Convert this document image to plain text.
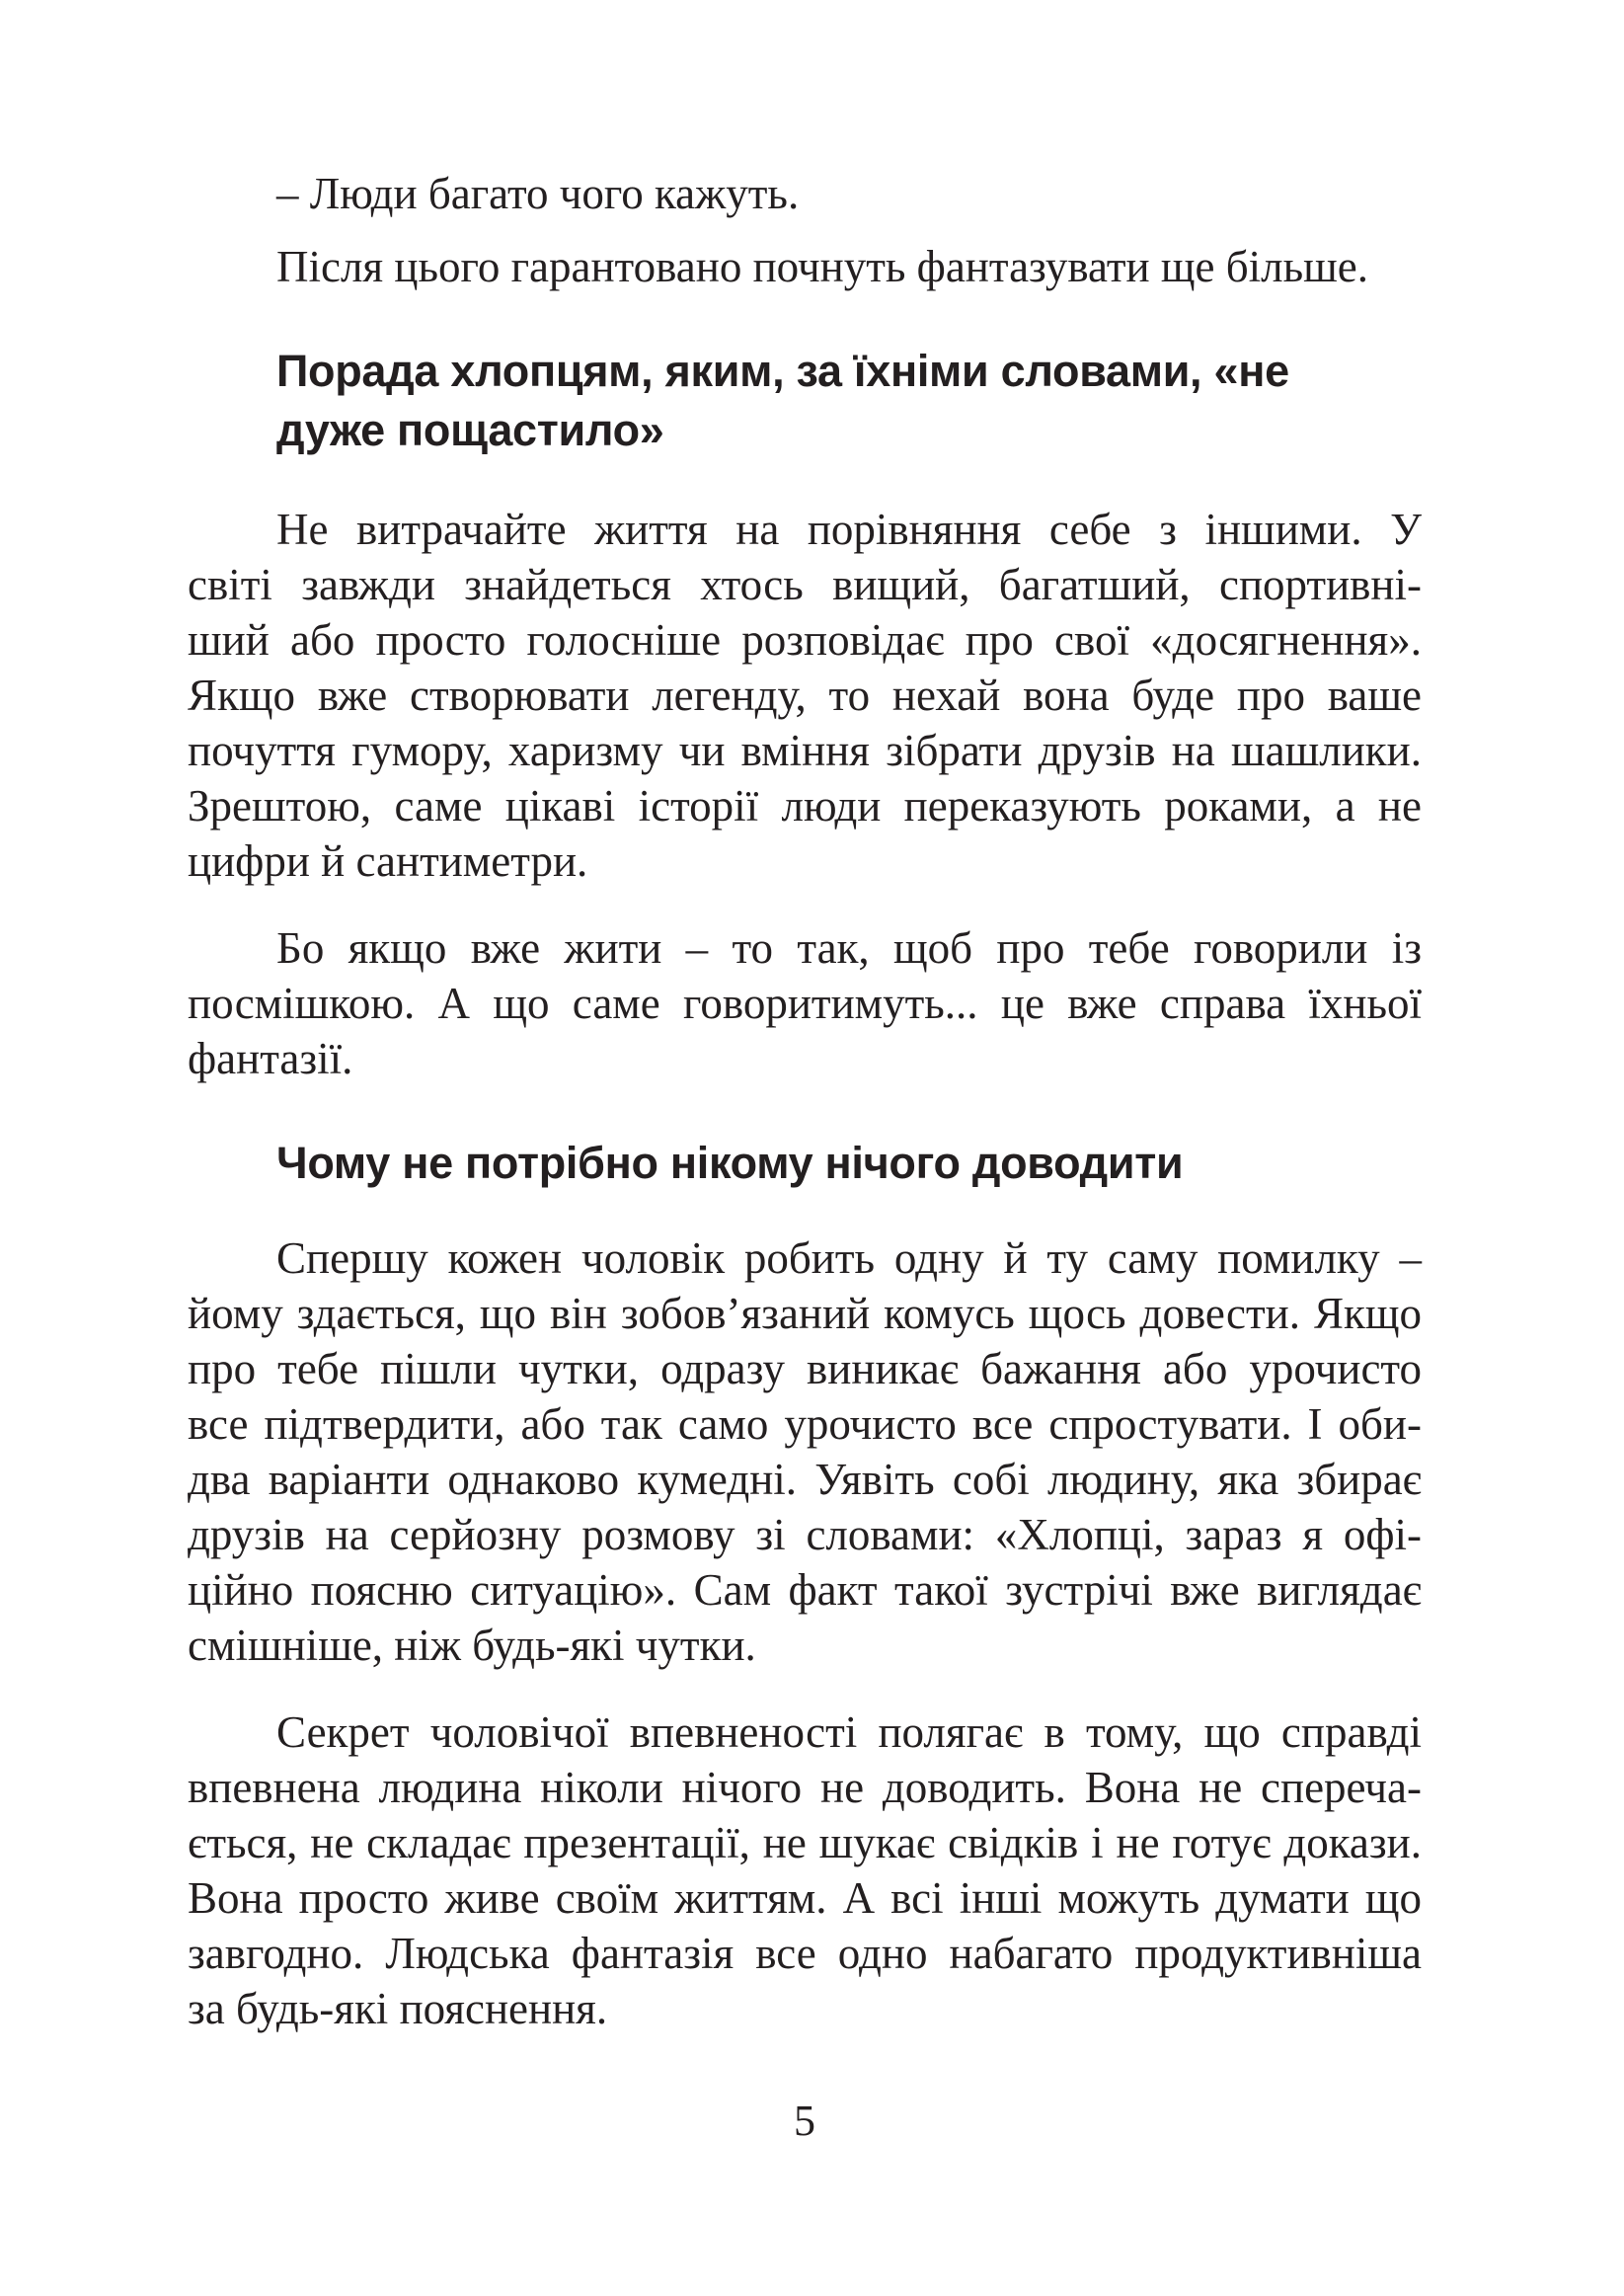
– Люди багато чого кажуть.
Після цього гарантовано почнуть фантазувати ще більше.
Порада хлопцям, яким, за їхніми словами, «не
дуже пощастило»
Не витрачайте життя на порівняння себе з іншими. У
світі завжди знайдеться хтось вищий, багатший, спортивні-
ший або просто голосніше розповідає про свої «досягнення».
Якщо вже створювати легенду, то нехай вона буде про ваше
почуття гумору, харизму чи вміння зібрати друзів на шашлики.
Зрештою, саме цікаві історії люди переказують роками, а не
цифри й сантиметри.
Бо якщо вже жити – то так, щоб про тебе говорили із
посмішкою. А що саме говоритимуть... це вже справа їхньої
фантазії.
Чому не потрібно нікому нічого доводити
Спершу кожен чоловік робить одну й ту саму помилку –
йому здається, що він зобов’язаний комусь щось довести. Якщо
про тебе пішли чутки, одразу виникає бажання або урочисто
все підтвердити, або так само урочисто все спростувати. І оби-
два варіанти однаково кумедні. Уявіть собі людину, яка збирає
друзів на серйозну розмову зі словами: «Хлопці, зараз я офі-
ційно поясню ситуацію». Сам факт такої зустрічі вже виглядає
смішніше, ніж будь-які чутки.
Секрет чоловічої впевненості полягає в тому, що справді
впевнена людина ніколи нічого не доводить. Вона не спереча-
ється, не складає презентації, не шукає свідків і не готує докази.
Вона просто живе своїм життям. А всі інші можуть думати що
завгодно. Людська фантазія все одно набагато продуктивніша
за будь-які пояснення.
5
